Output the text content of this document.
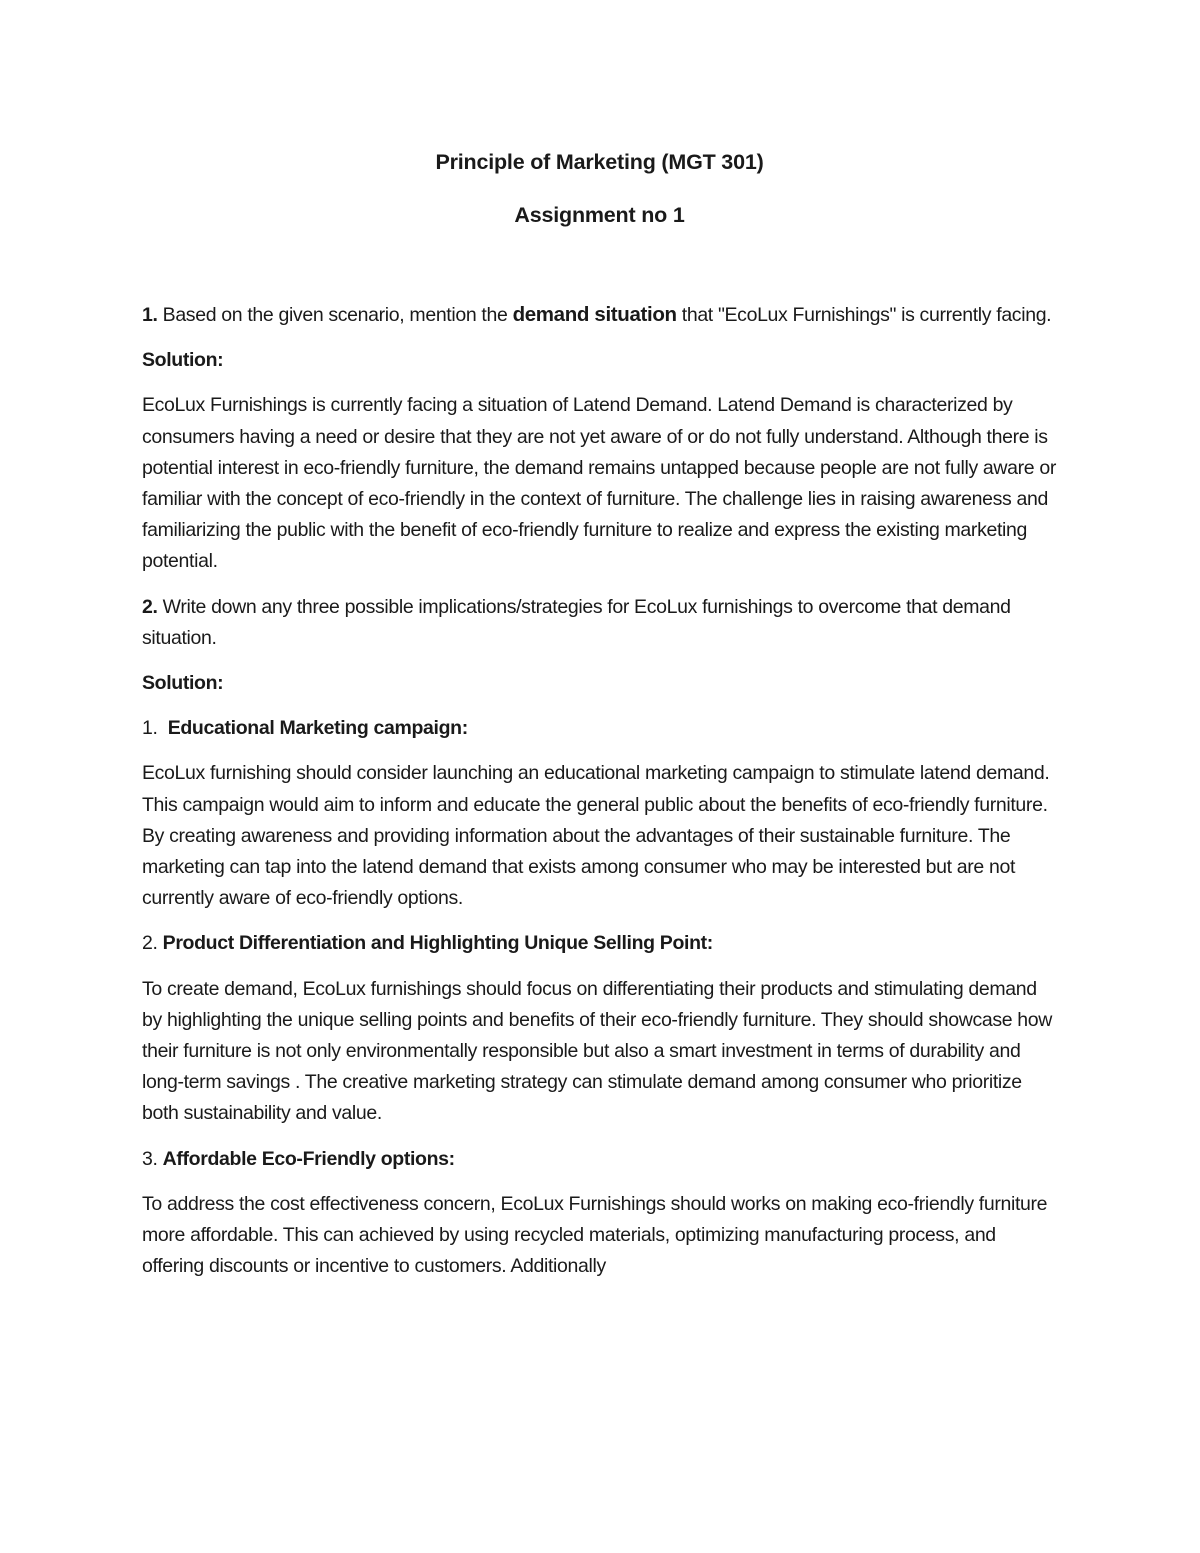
Principle of Marketing (MGT 301)
Assignment no 1

1. Based on the given scenario, mention the demand situation that "EcoLux Furnishings" is currently facing.

Solution:

EcoLux Furnishings is currently facing a situation of Latend Demand. Latend Demand is characterized by consumers having a need or desire that they are not yet aware of or do not fully understand. Although there is potential interest in eco-friendly furniture, the demand remains untapped because people are not fully aware or familiar with the concept of eco-friendly in the context of furniture. The challenge lies in raising awareness and familiarizing the public with the benefit of eco-friendly furniture to realize and express the existing marketing potential.

2. Write down any three possible implications/strategies for EcoLux furnishings to overcome that demand situation.

Solution:

1. Educational Marketing campaign:

EcoLux furnishing should consider launching an educational marketing campaign to stimulate latend demand. This campaign would aim to inform and educate the general public about the benefits of eco-friendly furniture. By creating awareness and providing information about the advantages of their sustainable furniture. The marketing can tap into the latend demand that exists among consumer who may be interested but are not currently aware of eco-friendly options.

2. Product Differentiation and Highlighting Unique Selling Point:

To create demand, EcoLux furnishings should focus on differentiating their products and stimulating demand by highlighting the unique selling points and benefits of their eco-friendly furniture. They should showcase how their furniture is not only environmentally responsible but also a smart investment in terms of durability and long-term savings . The creative marketing strategy can stimulate demand among consumer who prioritize both sustainability and value.

3. Affordable Eco-Friendly options:

To address the cost effectiveness concern, EcoLux Furnishings should works on making eco-friendly furniture more affordable. This can achieved by using recycled materials, optimizing manufacturing process, and offering discounts or incentive to customers. Additionally
